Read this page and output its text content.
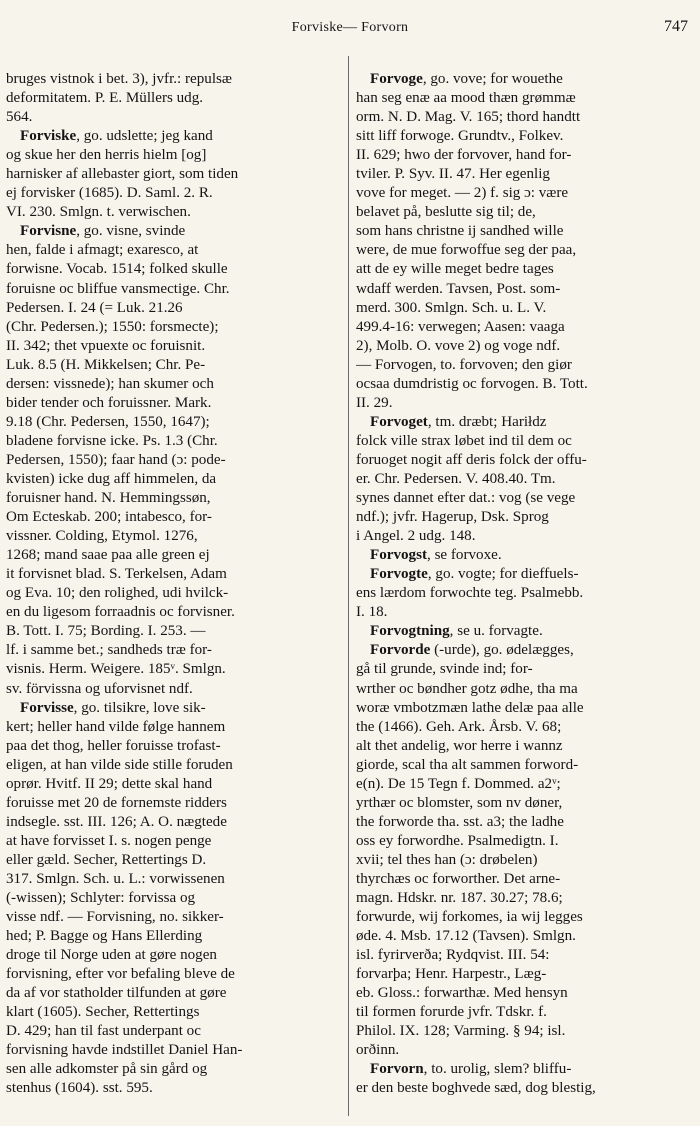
Forviske— Forvorn	747
bruges vistnok i bet. 3), jvfr.: repulsæ
deformitatem. P. E. Müllers udg.
564.
Forviske, go. udslette; jeg kand
og skue her den herris hielm [og]
harnisker af allebaster giort, som tiden
ej forvisker (1685). D. Saml. 2. R.
VI. 230. Smlgn. t. verwischen.
Forvisne, go. visne, svinde
hen, falde i afmagt; exaresco, at
forwisne. Vocab. 1514; folked skulle
foruisne oc bliffue vansmectige. Chr.
Pedersen. I. 24 (= Luk. 21.26
(Chr. Pedersen.); 1550: forsmecte);
II. 342; thet vpuexte oc foruisnit.
Luk. 8.5 (H. Mikkelsen; Chr. Pe-
dersen: vissnede); han skumer och
bider tender och foruissner. Mark.
9.18 (Chr. Pedersen, 1550, 1647);
bladene forvisne icke. Ps. 1.3 (Chr.
Pedersen, 1550); faar hand (ɔ: pode-
kvisten) icke dug aff himmelen, da
foruisner hand. N. Hemmingssøn,
Om Ecteskab. 200; intabesco, for-
vissner. Colding, Etymol. 1276,
1268; mand saae paa alle green ej
it forvisnet blad. S. Terkelsen, Adam
og Eva. 10; den rolighed, udi hvilck-
en du ligesom forraadnis oc forvisner.
B. Tott. I. 75; Bording. I. 253. —
lf. i samme bet.; sandheds træ for-
visnis. Herm. Weigere. 185ᵛ. Smlgn.
sv. förvissna og uforvisnet ndf.
Forvisse, go. tilsikre, love sik-
kert; heller hand vilde følge hannem
paa det thog, heller foruisse trofast-
eligen, at han vilde side stille foruden
oprør. Hvitf. II 29; dette skal hand
foruisse met 20 de fornemste ridders
indsegle. sst. III. 126; A. O. nægtede
at have forvisset I. s. nogen penge
eller gæld. Secher, Rettertings D.
317. Smlgn. Sch. u. L.: vorwissenen
(-wissen); Schlyter: forvissa og
visse ndf. — Forvisning, no. sikker-
hed; P. Bagge og Hans Ellerding
droge til Norge uden at gøre nogen
forvisning, efter vor befaling bleve de
da af vor statholder tilfunden at gøre
klart (1605). Secher, Rettertings
D. 429; han til fast underpant oc
forvisning havde indstillet Daniel Han-
sen alle adkomster på sin gård og
stenhus (1604). sst. 595.
Forvoge, go. vove; for wouethe
han seg enæ aa mood thæn grømmæ
orm. N. D. Mag. V. 165; thord handtt
sitt liff forwoge. Grundtv., Folkev.
II. 629; hwo der forvover, hand for-
tviler. P. Syv. II. 47. Her egenlig
vove for meget. — 2) f. sig ɔ: være
belavet på, beslutte sig til; de,
som hans christne ij sandhed wille
were, de mue forwoffue seg der paa,
att de ey wille meget bedre tages
wdaff werden. Tavsen, Post. som-
merd. 300. Smlgn. Sch. u. L. V.
499.4-16: verwegen; Aasen: vaaga
2), Molb. O. vove 2) og voge ndf.
— Forvogen, to. forvoven; den giør
ocsaa dumdristig oc forvogen. B. Tott.
II. 29.
Forvoget, tm. dræbt; Hariłdz
folck ville strax løbet ind til dem oc
foruoget nogit aff deris folck der offu-
er. Chr. Pedersen. V. 408.40. Tm.
synes dannet efter dat.: vog (se vege
ndf.); jvfr. Hagerup, Dsk. Sprog
i Angel. 2 udg. 148.
Forvogst, se forvoxe.
Forvogte, go. vogte; for dieffuels-
ens lærdom forwochte teg. Psalmebb.
I. 18.
Forvogtning, se u. forvagte.
Forvorde (-urde), go. ødelægges,
gå til grunde, svinde ind; for-
wrther oc bøndher gotz ødhe, tha ma
woræ vmbotzmæn lathe delæ paa alle
the (1466). Geh. Ark. Årsb. V. 68;
alt thet andelig, wor herre i wannz
giorde, scal tha alt sammen forword-
e(n). De 15 Tegn f. Dommed. a2ᵛ;
yrthær oc blomster, som nv døner,
the forworde tha. sst. a3; the ladhe
oss ey forwordhe. Psalmedigtn. I.
xvii; tel thes han (ɔ: drøbelen)
thyrchæs oc forworther. Det arne-
magn. Hdskr. nr. 187. 30.27; 78.6;
forwurde, wij forkomes, ia wij legges
øde. 4. Msb. 17.12 (Tavsen). Smlgn.
isl. fyrirverða; Rydqvist. III. 54:
forvarþa; Henr. Harpestr., Læg-
eb. Gloss.: forwarthæ. Med hensyn
til formen forurde jvfr. Tdskr. f.
Philol. IX. 128; Varming. § 94; isl.
orðinn.
Forvorn, to. urolig, slem? bliffu-
er den beste boghvede sæd, dog blestig,
